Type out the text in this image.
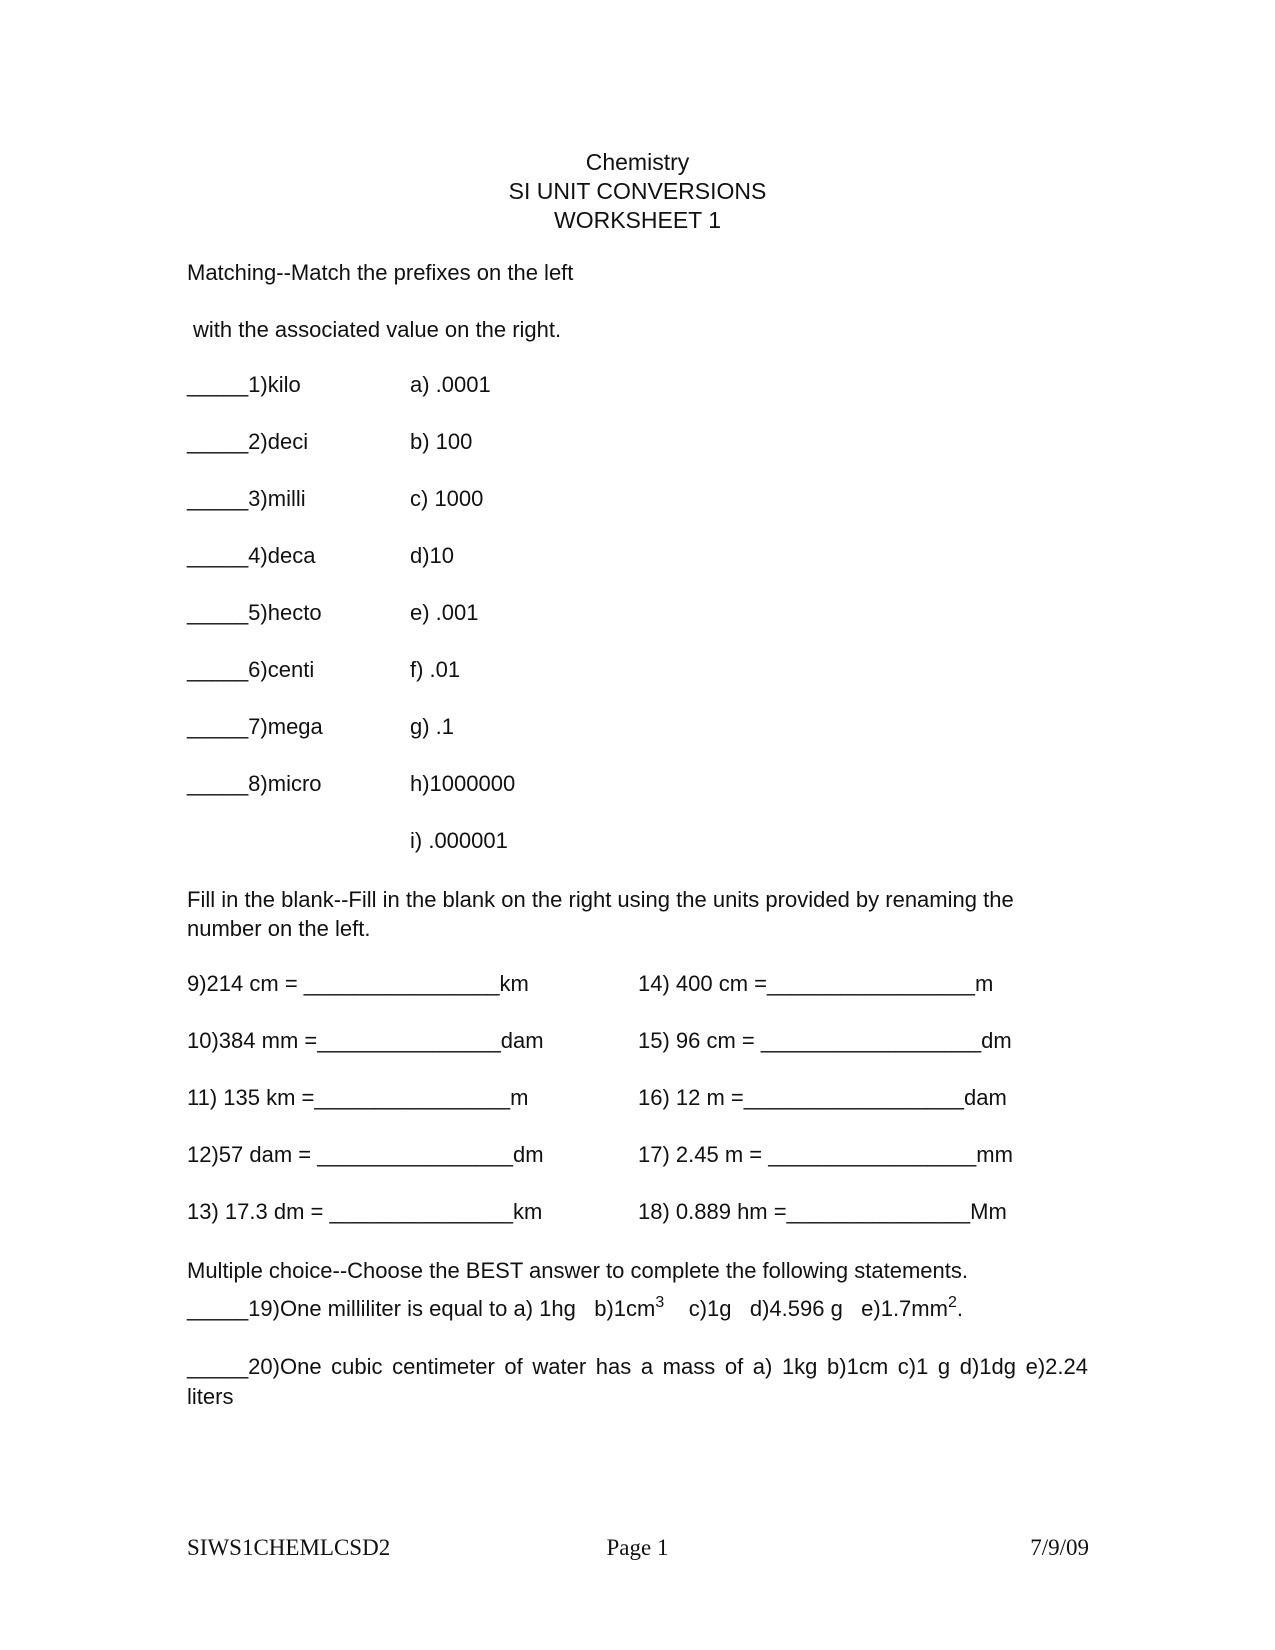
Chemistry
SI UNIT CONVERSIONS
WORKSHEET 1
Matching--Match the prefixes on the left
with the associated value on the right.
_____1)kilo	a) .0001
_____2)deci	b) 100
_____3)milli	c) 1000
_____4)deca	d)10
_____5)hecto	e) .001
_____6)centi	f) .01
_____7)mega	g) .1
_____8)micro	h)1000000
i) .000001
Fill in the blank--Fill in the blank on the right using the units provided by renaming the number on the left.
9)214 cm = ________________km	14) 400 cm =_________________m
10)384 mm =_______________dam	15) 96 cm = __________________dm
11) 135 km =________________m	16) 12 m =__________________dam
12)57 dam = ________________dm	17) 2.45 m = _________________mm
13) 17.3 dm = _______________km	18) 0.889 hm =_______________Mm
Multiple choice--Choose the BEST answer to complete the following statements.
_____19)One milliliter is equal to a) 1hg   $b)1cm^3$    c)1g   d)4.596 g   $e)1.7mm^2$.
_____20)One cubic centimeter of water has a mass of a) 1kg b)1cm c)1 g d)1dg e)2.24 liters
SIWS1CHEMLCSD2	Page 1	7/9/09
